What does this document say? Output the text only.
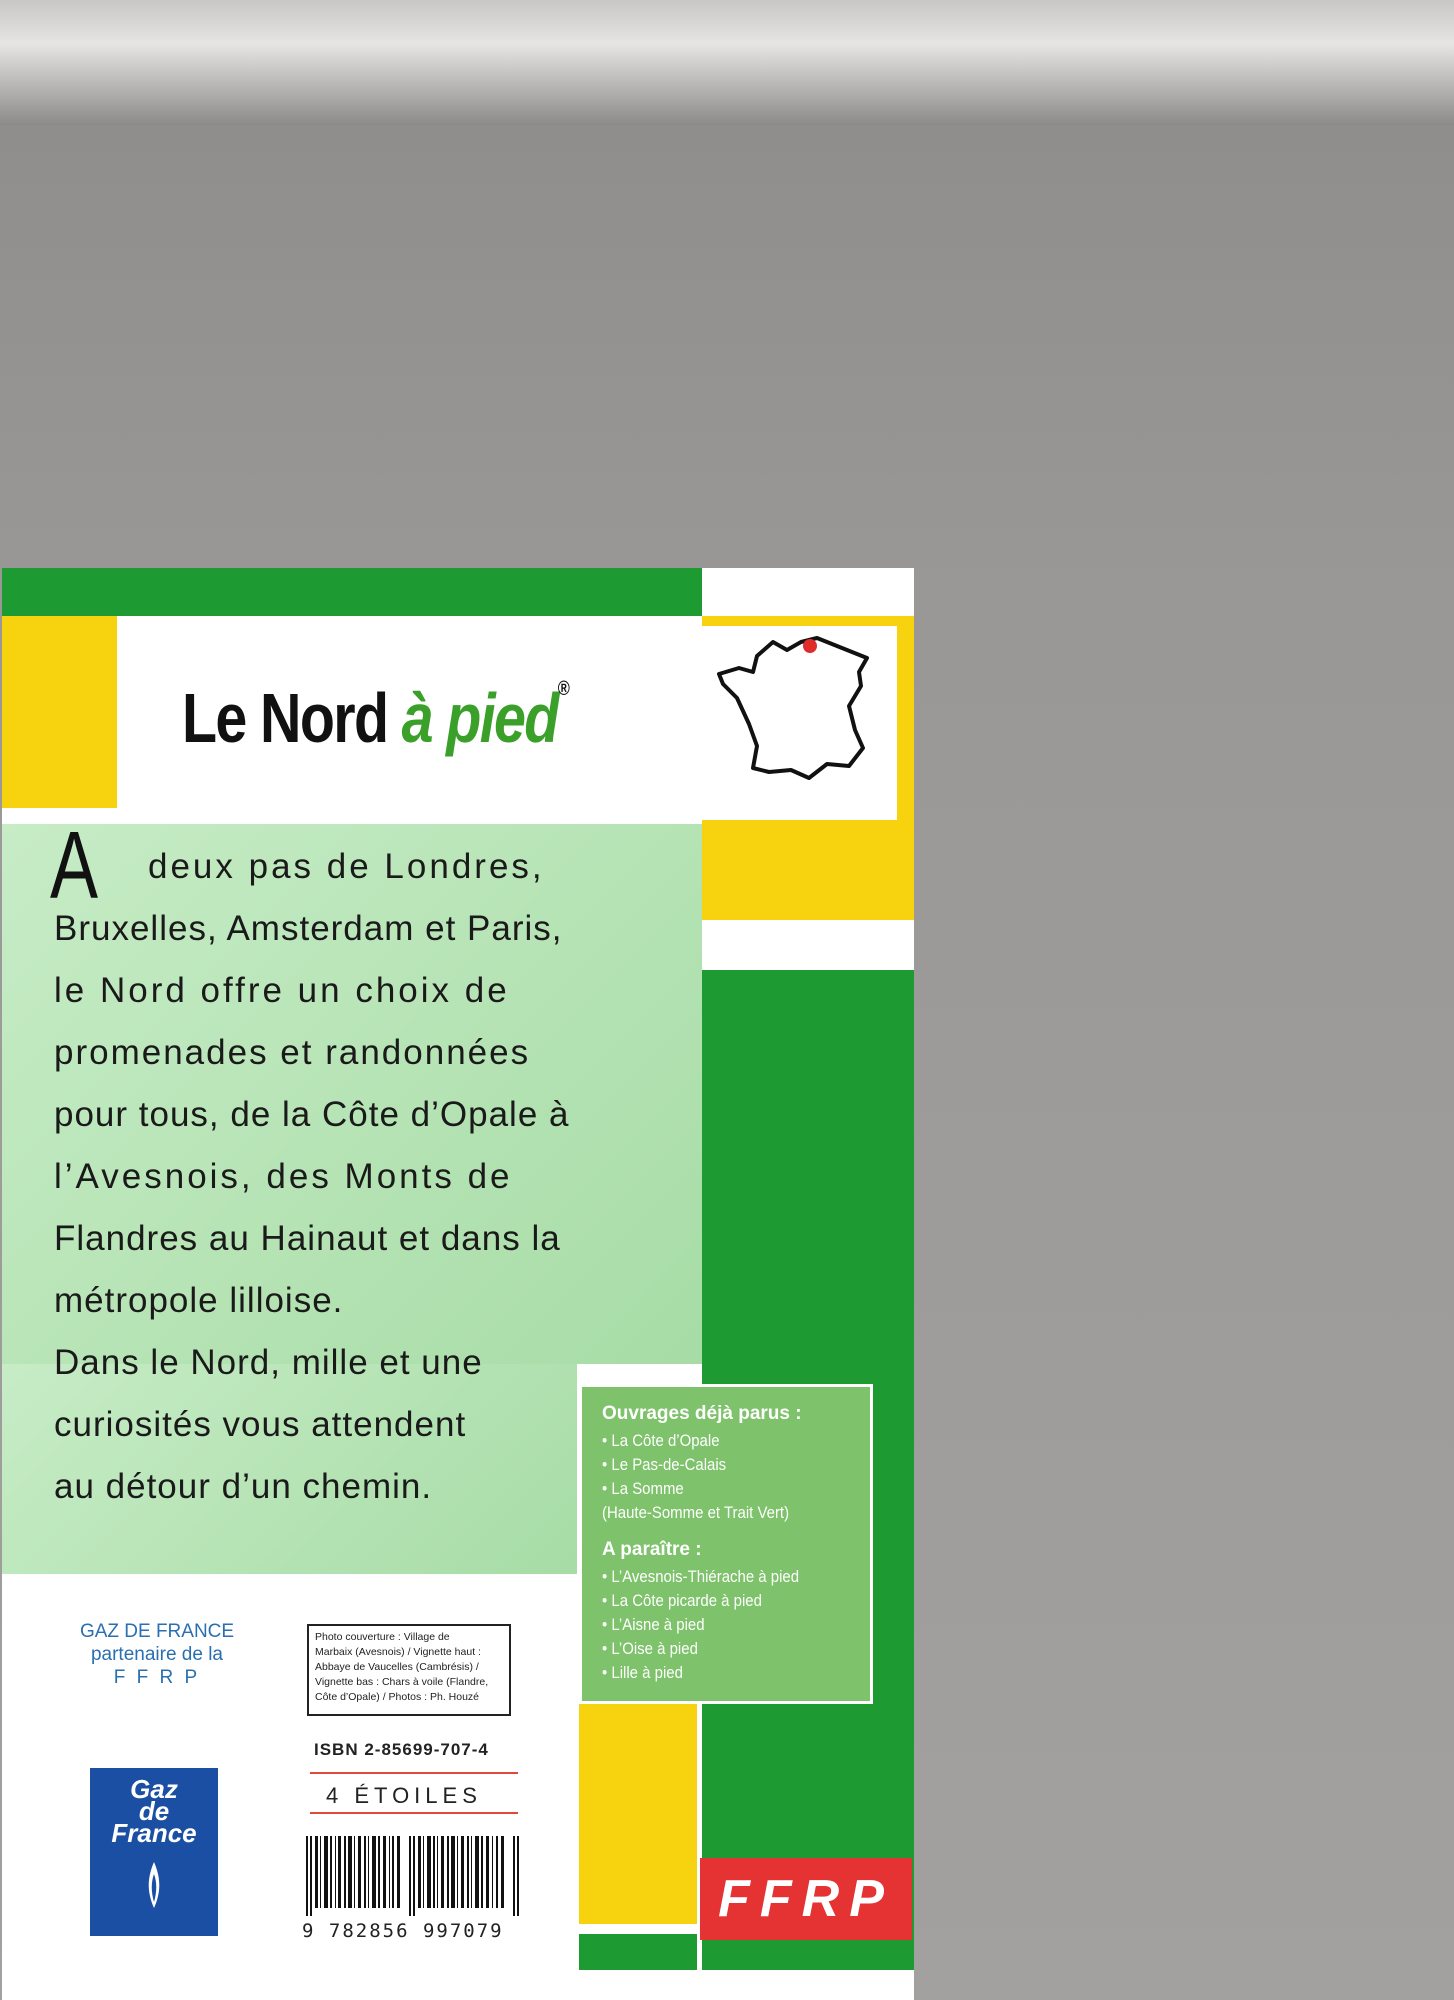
Le Nord à pied®
A deux pas de Londres,
Bruxelles, Amsterdam et Paris,
le Nord offre un choix de
promenades et randonnées
pour tous, de la Côte d’Opale à
l’Avesnois, des Monts de
Flandres au Hainaut et dans la
métropole lilloise.
Dans le Nord, mille et une
curiosités vous attendent
au détour d’un chemin.
Ouvrages déjà parus :
• La Côte d’Opale
• Le Pas-de-Calais
• La Somme
(Haute-Somme et Trait Vert)
A paraître :
• L’Avesnois-Thiérache à pied
• La Côte picarde à pied
• L’Aisne à pied
• L’Oise à pied
• Lille à pied
GAZ DE FRANCE
partenaire de la
F F R P
Photo couverture : Village de
Marbaix (Avesnois) / Vignette haut :
Abbaye de Vaucelles (Cambrésis) /
Vignette bas : Chars à voile (Flandre,
Côte d’Opale) / Photos : Ph. Houzé
ISBN 2-85699-707-4
4 ÉTOILES
9 782856 997079
Gaz
de
France
FFRP
